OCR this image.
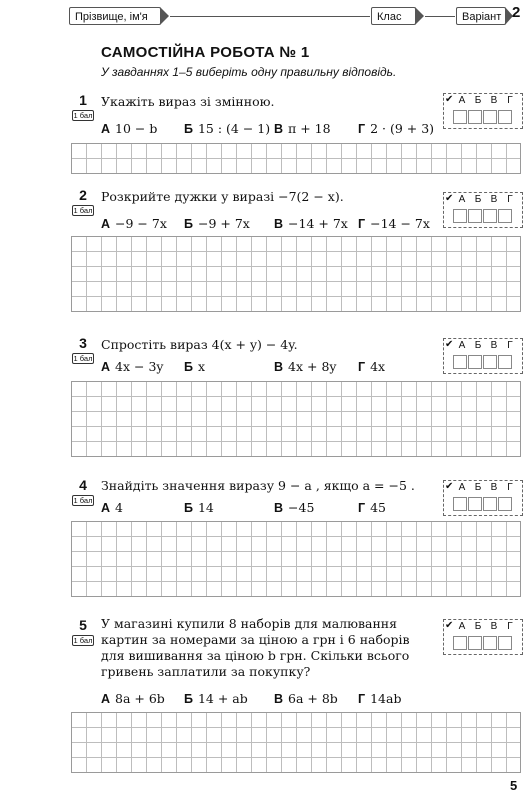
Прізвище, ім'я	Клас	Варіант 2
САМОСТІЙНА РОБОТА № 1
У завданнях 1–5 виберіть одну правильну відповідь.
1
1 бал
Укажіть вираз зі змінною.
А 10 − b Б 15 : (4 − 1) В π + 18 Г 2 · (9 + 3)
✔ А Б В Г
2
1 бал
Розкрийте дужки у виразі −7(2 − x).
А −9 − 7x Б −9 + 7x В −14 + 7x Г −14 − 7x
✔ А Б В Г
3
1 бал
Спростіть вираз 4(x + y) − 4y.
А 4x − 3y Б x	В 4x + 8y Г 4x
✔ А Б В Г
4
1 бал
Знайдіть значення виразу 9 − a , якщо a = −5 .
А 4	Б 14	В −45	Г 45
✔ А Б В Г
5
1 бал
У магазині купили 8 наборів для малювання картин за номерами за ціною a грн і 6 наборів для вишивання за ціною b грн. Скільки всього гривень заплатили за покупку?
А 8a + 6b Б 14 + ab В 6a + 8b Г 14ab
✔ А Б В Г
5
